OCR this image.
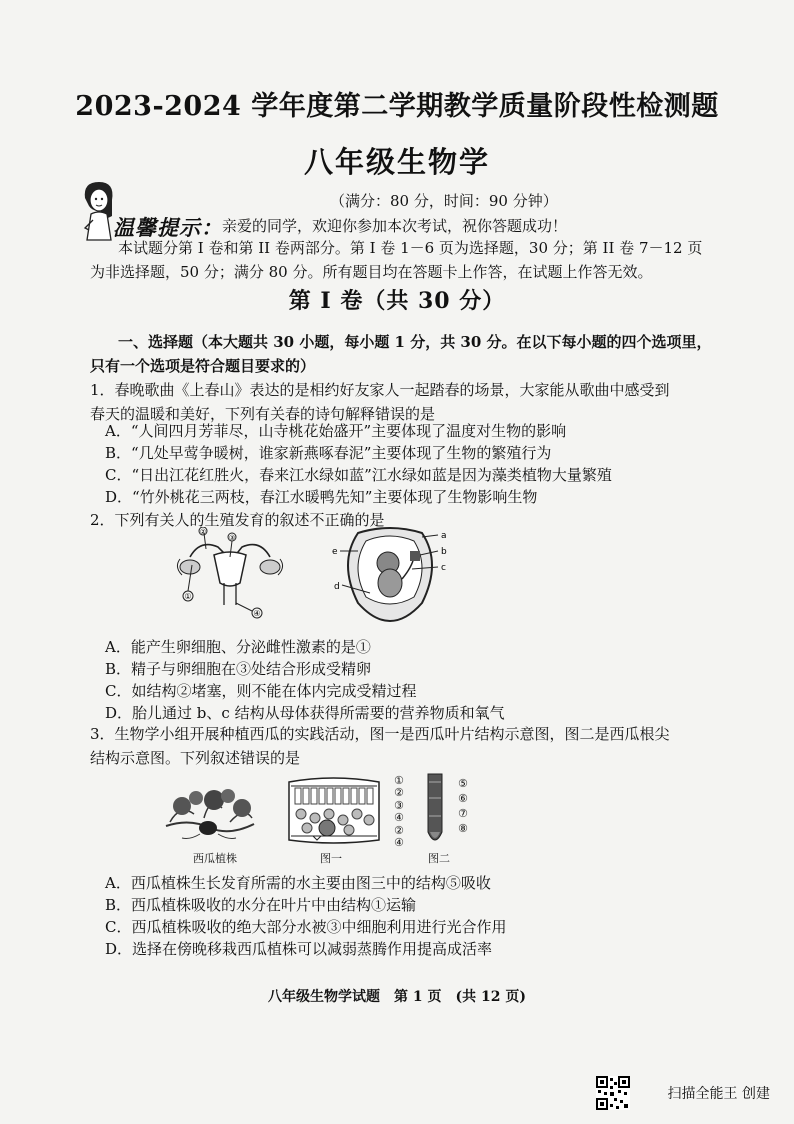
2023-2024 学年度第二学期教学质量阶段性检测题
八年级生物学
（满分：80 分，时间：90 分钟）
温馨提示： 亲爱的同学，欢迎你参加本次考试，祝你答题成功！
本试题分第 I 卷和第 II 卷两部分。第 I 卷 1－6 页为选择题，30 分；第 II 卷 7－12 页
为非选择题，50 分；满分 80 分。所有题目均在答题卡上作答，在试题上作答无效。
第 I 卷（共 30 分）
一、选择题（本大题共 30 小题，每小题 1 分，共 30 分。在以下每小题的四个选项里，
只有一个选项是符合题目要求的）
1．春晚歌曲《上春山》表达的是相约好友家人一起踏春的场景，大家能从歌曲中感受到
春天的温暖和美好，下列有关春的诗句解释错误的是
A．“人间四月芳菲尽，山寺桃花始盛开”主要体现了温度对生物的影响
B．“几处早莺争暖树，谁家新燕啄春泥”主要体现了生物的繁殖行为
C．“日出江花红胜火，春来江水绿如蓝”江水绿如蓝是因为藻类植物大量繁殖
D．“竹外桃花三两枝，春江水暖鸭先知”主要体现了生物影响生物
2．下列有关人的生殖发育的叙述不正确的是
①
②
③
④
a
b
c
d
e
A．能产生卵细胞、分泌雌性激素的是①
B．精子与卵细胞在③处结合形成受精卵
C．如结构②堵塞，则不能在体内完成受精过程
D．胎儿通过 b、c 结构从母体获得所需要的营养物质和氧气
3．生物学小组开展种植西瓜的实践活动，图一是西瓜叶片结构示意图，图二是西瓜根尖
结构示意图。下列叙述错误的是
西瓜植株
①
②
③
④
②
④
图一
⑤
⑥
⑦
⑧
图二
A．西瓜植株生长发育所需的水主要由图三中的结构⑤吸收
B．西瓜植株吸收的水分在叶片中由结构①运输
C．西瓜植株吸收的绝大部分水被③中细胞利用进行光合作用
D．选择在傍晚移栽西瓜植株可以减弱蒸腾作用提高成活率
八年级生物学试题　第 1 页　(共 12 页)
扫描全能王 创建
